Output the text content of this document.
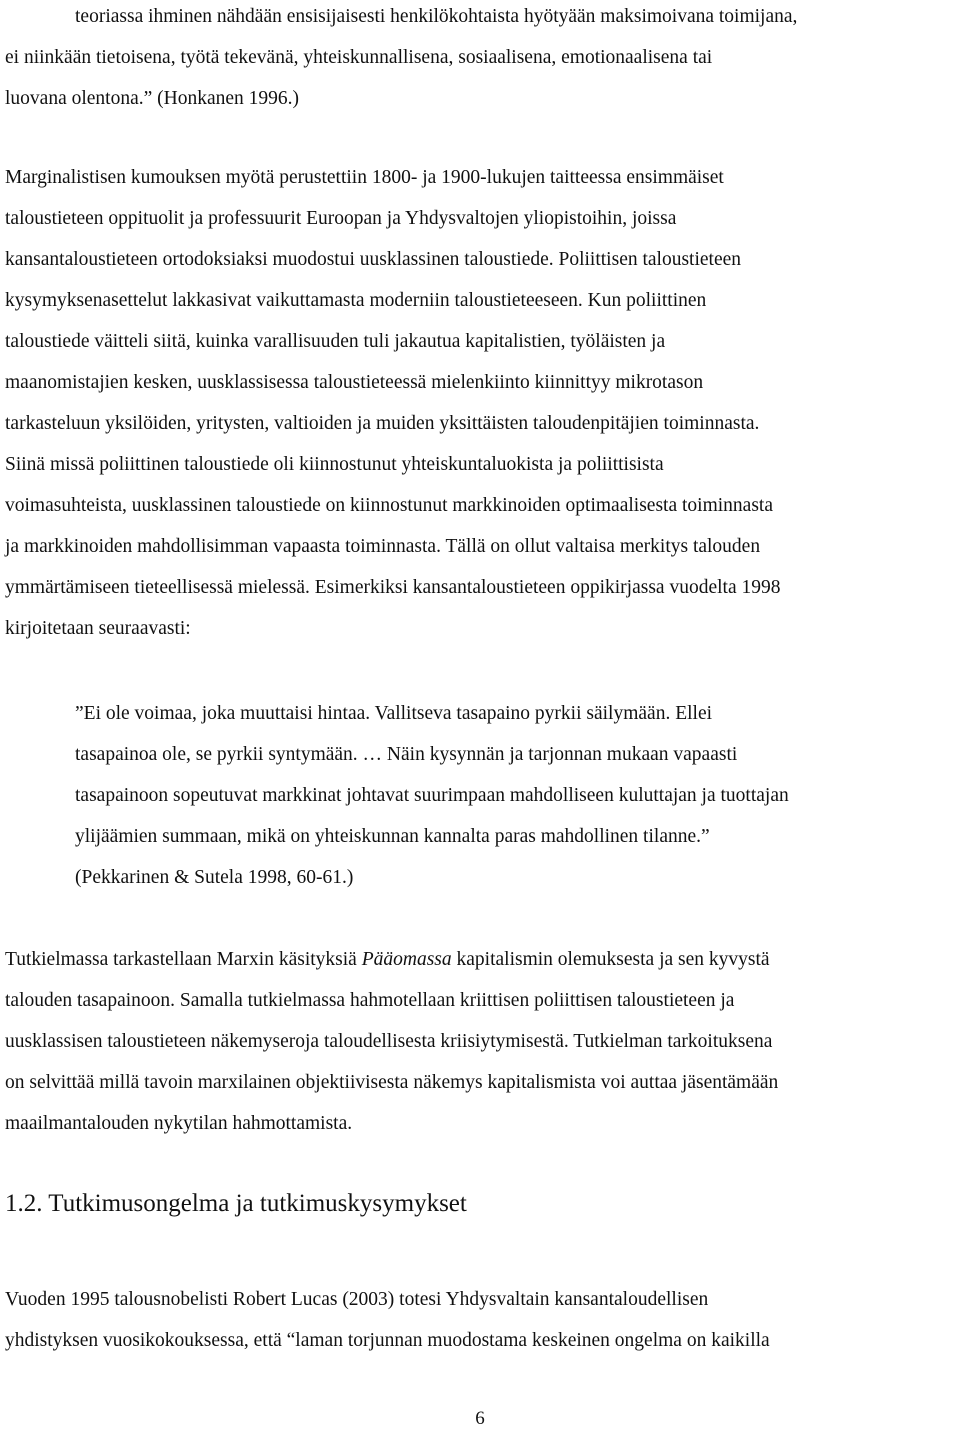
teoriassa ihminen nähdään ensisijaisesti henkilökohtaista hyötyään maksimoivana toimijana,
ei niinkään tietoisena, työtä tekevänä, yhteiskunnallisena, sosiaalisena, emotionaalisena tai
luovana olentona.” (Honkanen 1996.)
Marginalistisen kumouksen myötä perustettiin 1800- ja 1900-lukujen taitteessa ensimmäiset
taloustieteen oppituolit ja professuurit Euroopan ja Yhdysvaltojen yliopistoihin, joissa
kansantaloustieteen ortodoksiaksi muodostui uusklassinen taloustiede. Poliittisen taloustieteen
kysymyksenasettelut lakkasivat vaikuttamasta moderniin taloustieteeseen. Kun poliittinen
taloustiede väitteli siitä, kuinka varallisuuden tuli jakautua kapitalistien, työläisten ja
maanomistajien kesken, uusklassisessa taloustieteessä mielenkiinto kiinnittyy mikrotason
tarkasteluun yksilöiden, yritysten, valtioiden ja muiden yksittäisten taloudenpitäjien toiminnasta.
Siinä missä poliittinen taloustiede oli kiinnostunut yhteiskuntaluokista ja poliittisista
voimasuhteista, uusklassinen taloustiede on kiinnostunut markkinoiden optimaalisesta toiminnasta
ja markkinoiden mahdollisimman vapaasta toiminnasta. Tällä on ollut valtaisa merkitys talouden
ymmärtämiseen tieteellisessä mielessä. Esimerkiksi kansantaloustieteen oppikirjassa vuodelta 1998
kirjoitetaan seuraavasti:
”Ei ole voimaa, joka muuttaisi hintaa. Vallitseva tasapaino pyrkii säilymään. Ellei
tasapainoa ole, se pyrkii syntymään. … Näin kysynnän ja tarjonnan mukaan vapaasti
tasapainoon sopeutuvat markkinat johtavat suurimpaan mahdolliseen kuluttajan ja tuottajan
ylijäämien summaan, mikä on yhteiskunnan kannalta paras mahdollinen tilanne.”
(Pekkarinen & Sutela 1998, 60-61.)
Tutkielmassa tarkastellaan Marxin käsityksiä Pääomassa kapitalismin olemuksesta ja sen kyvystä
talouden tasapainoon. Samalla tutkielmassa hahmotellaan kriittisen poliittisen taloustieteen ja
uusklassisen taloustieteen näkemyseroja taloudellisesta kriisiytymisestä. Tutkielman tarkoituksena
on selvittää millä tavoin marxilainen objektiivisesta näkemys kapitalismista voi auttaa jäsentämään
maailmantalouden nykytilan hahmottamista.
1.2. Tutkimusongelma ja tutkimuskysymykset
Vuoden 1995 talousnobelisti Robert Lucas (2003) totesi Yhdysvaltain kansantaloudellisen
yhdistyksen vuosikokouksessa, että “laman torjunnan muodostama keskeinen ongelma on kaikilla
6
